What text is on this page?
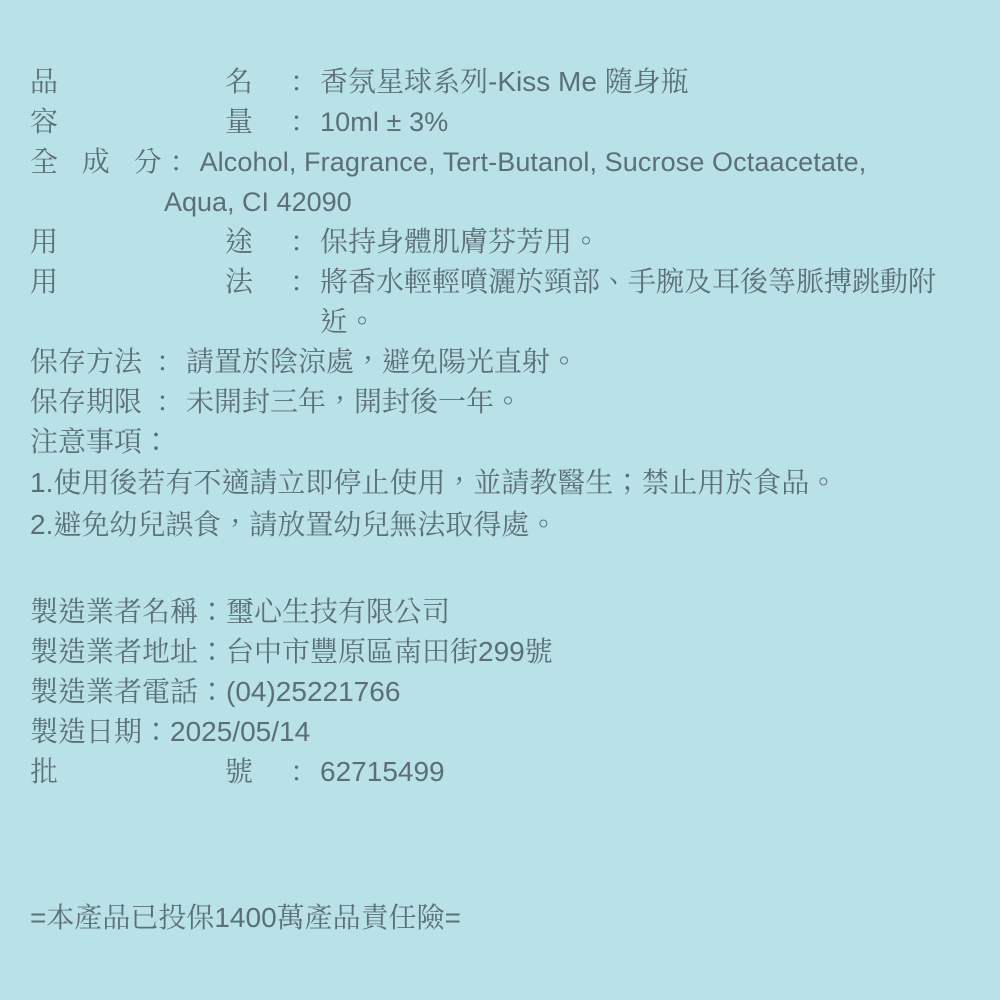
品　　名 ： 香氛星球系列-Kiss Me 隨身瓶
容　　量 ： 10ml ± 3%
全 成 分 ： Alcohol, Fragrance, Tert-Butanol, Sucrose Octaacetate,
Aqua, CI 42090
用　　途 ： 保持身體肌膚芬芳用。
用　　法 ： 將香水輕輕噴灑於頸部、手腕及耳後等脈搏跳動附近。
保存方法 ： 請置於陰涼處，避免陽光直射。
保存期限 ： 未開封三年，開封後一年。
注意事項：
1.使用後若有不適請立即停止使用，並請教醫生；禁止用於食品。
2.避免幼兒誤食，請放置幼兒無法取得處。
製造業者名稱： 璽心生技有限公司
製造業者地址： 台中市豐原區南田街299號
製造業者電話： (04)25221766
製造日期： 2025/05/14
批　　號 ： 62715499
=本產品已投保1400萬產品責任險=
